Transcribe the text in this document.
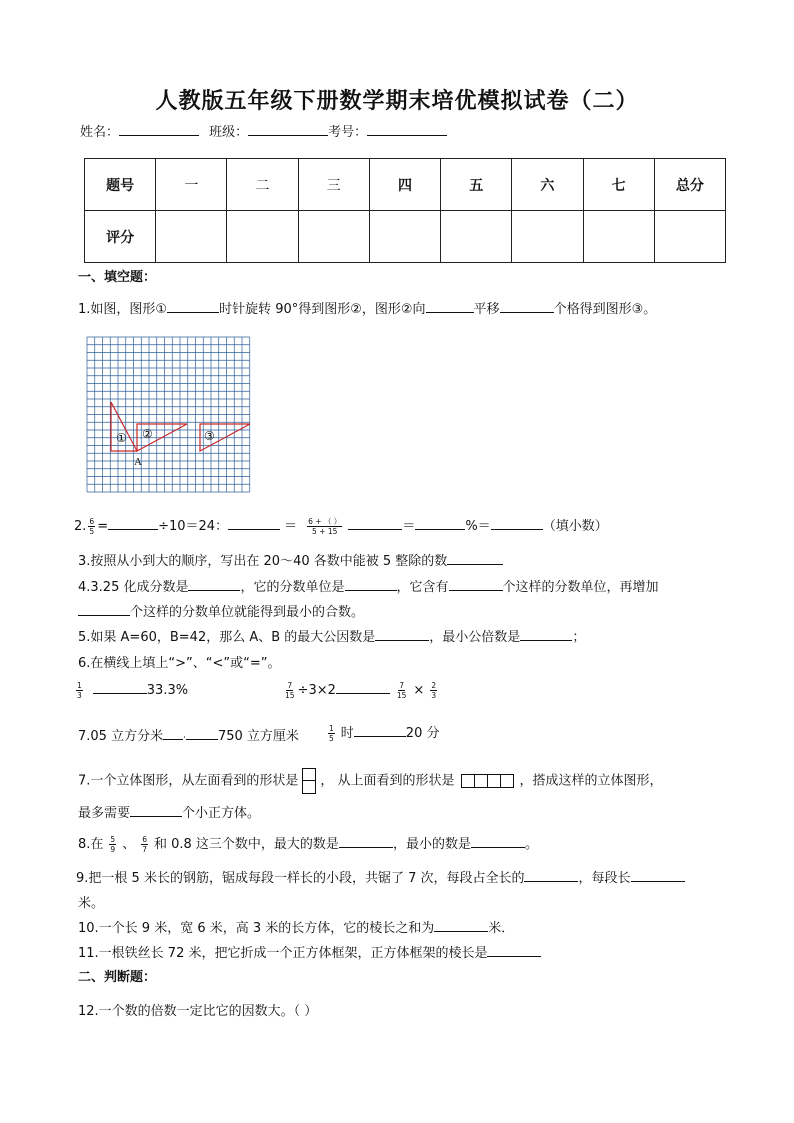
人教版五年级下册数学期末培优模拟试卷（二）
姓名：	班级：	考号：
题号	一	二	三	四	五	六	七	总分
评分								
一、填空题：
1.如图，图形①	时针旋转 90°得到图形②，图形②向	平移	个格得到图形③。
① ②	③
A
2. $\frac{6}{5}$ =	÷10＝24：	＝ $\frac{6 + ( )}{5 + 15}$	＝	%＝	（填小数）
3.按照从小到大的顺序，写出在 20～40 各数中能被 5 整除的数
4.3.25 化成分数是	，它的分数单位是	，它含有	个这样的分数单位，再增加
个这样的分数单位就能得到最小的合数。
5.如果 A=60，B=42，那么 A、B 的最大公因数是	，最小公倍数是	；
6.在横线上填上“>”、“<”或“=”。
$\frac{1}{3}$	33.3%	$\frac{7}{15} \div 3\times 2$	$\frac{7}{15} \times \frac{2}{3}$
7.05 立方分米 · 750 立方厘米	$\frac{1}{5}$ 时	20 分
7.一个立体图形，从左面看到的形状是 ， 从上面看到的形状是	，搭成这样的立体图形，
最多需要	个小正方体。
8.在 $\frac{5}{9}$ 、 $\frac{6}{7}$ 和 0.8 这三个数中，最大的数是	，最小的数是	。
9.把一根 5 米长的钢筋，锯成每段一样长的小段，共锯了 7 次，每段占全长的	，每段长
米。
10.一个长 9 米，宽 6 米，高 3 米的长方体，它的棱长之和为	米．
11.一根铁丝长 72 米，把它折成一个正方体框架，正方体框架的棱长是
二、判断题：
12.一个数的倍数一定比它的因数大。（ ）
